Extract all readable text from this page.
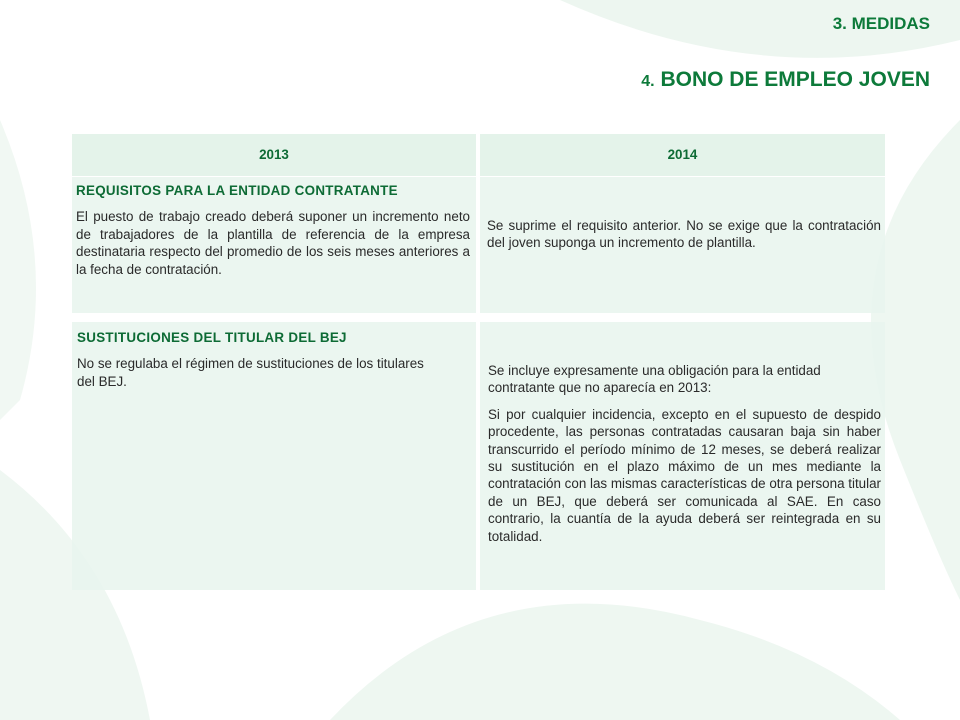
3. MEDIDAS
4. BONO DE EMPLEO JOVEN
2013	2014
REQUISITOS PARA LA ENTIDAD CONTRATANTE

El puesto de trabajo creado deberá suponer un incremento neto de trabajadores de la plantilla de referencia de la empresa destinataria respecto del promedio de los seis meses anteriores a la fecha de contratación.

Se suprime el requisito anterior. No se exige que la contratación del joven suponga un incremento de plantilla.

SUSTITUCIONES DEL TITULAR DEL BEJ

No se regulaba el régimen de sustituciones de los titulares del BEJ.

Se incluye expresamente una obligación para la entidad contratante que no aparecía en 2013:

Si por cualquier incidencia, excepto en el supuesto de despido procedente, las personas contratadas causaran baja sin haber transcurrido el período mínimo de 12 meses, se deberá realizar su sustitución en el plazo máximo de un mes mediante la contratación con las mismas características de otra persona titular de un BEJ, que deberá ser comunicada al SAE. En caso contrario, la cuantía de la ayuda deberá ser reintegrada en su totalidad.
